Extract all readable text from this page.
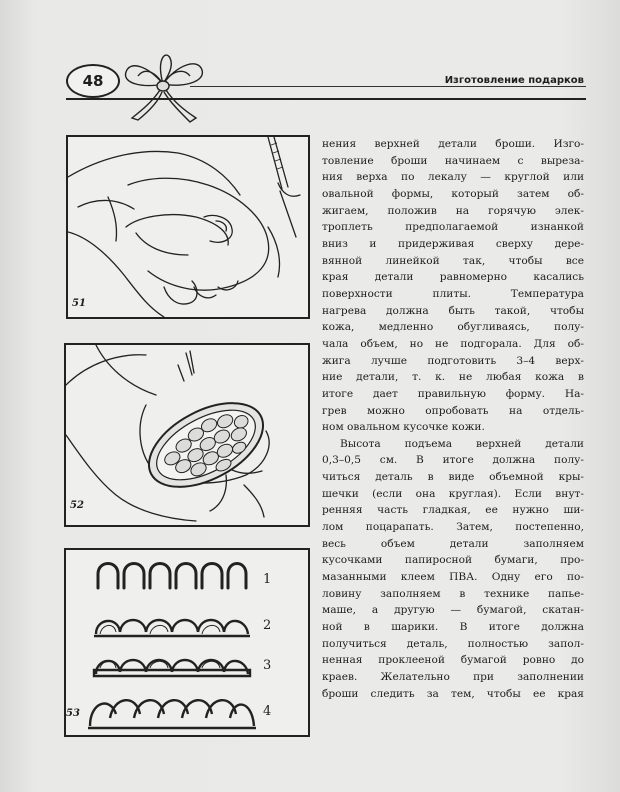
48	Изготовление подарков
51
52
1
2
3
4
53
нения верхней детали броши. Изго-
товление броши начинаем с вырезa-
ния верха по лекалу — круглой или
овальной формы, который затем об-
жигаем, положив на горячую элек-
троплеть предполагаемой изнанкой
вниз и придерживая сверху дере-
вянной линейкой так, чтобы все
края детали равномерно касались
поверхности плиты. Температура
нагрева должна быть такой, чтобы
кожа, медленно обугливаясь, полу-
чала объем, но не подгорала. Для об-
жига лучше подготовить 3–4 верх-
ние детали, т. к. не любая кожа в
итоге дает правильную форму. На-
грев можно опробовать на отдель-
ном овальном кусочке кожи.
Высота подъема верхней детали
0,3–0,5 см. В итоге должна полу-
читься деталь в виде объемной кры-
шечки (если она круглая). Если внут-
ренняя часть гладкая, ее нужно ши-
лом поцарапать. Затем, постепенно,
весь объем детали заполняем
кусочками папиросной бумаги, про-
мазанными клеем ПВА. Одну его по-
ловину заполняем в технике папье-
маше, а другую — бумагой, скатан-
ной в шарики. В итоге должна
получиться деталь, полностью запол-
ненная проклееной бумагой ровно до
краев. Желательно при заполнении
броши следить за тем, чтобы ее края
